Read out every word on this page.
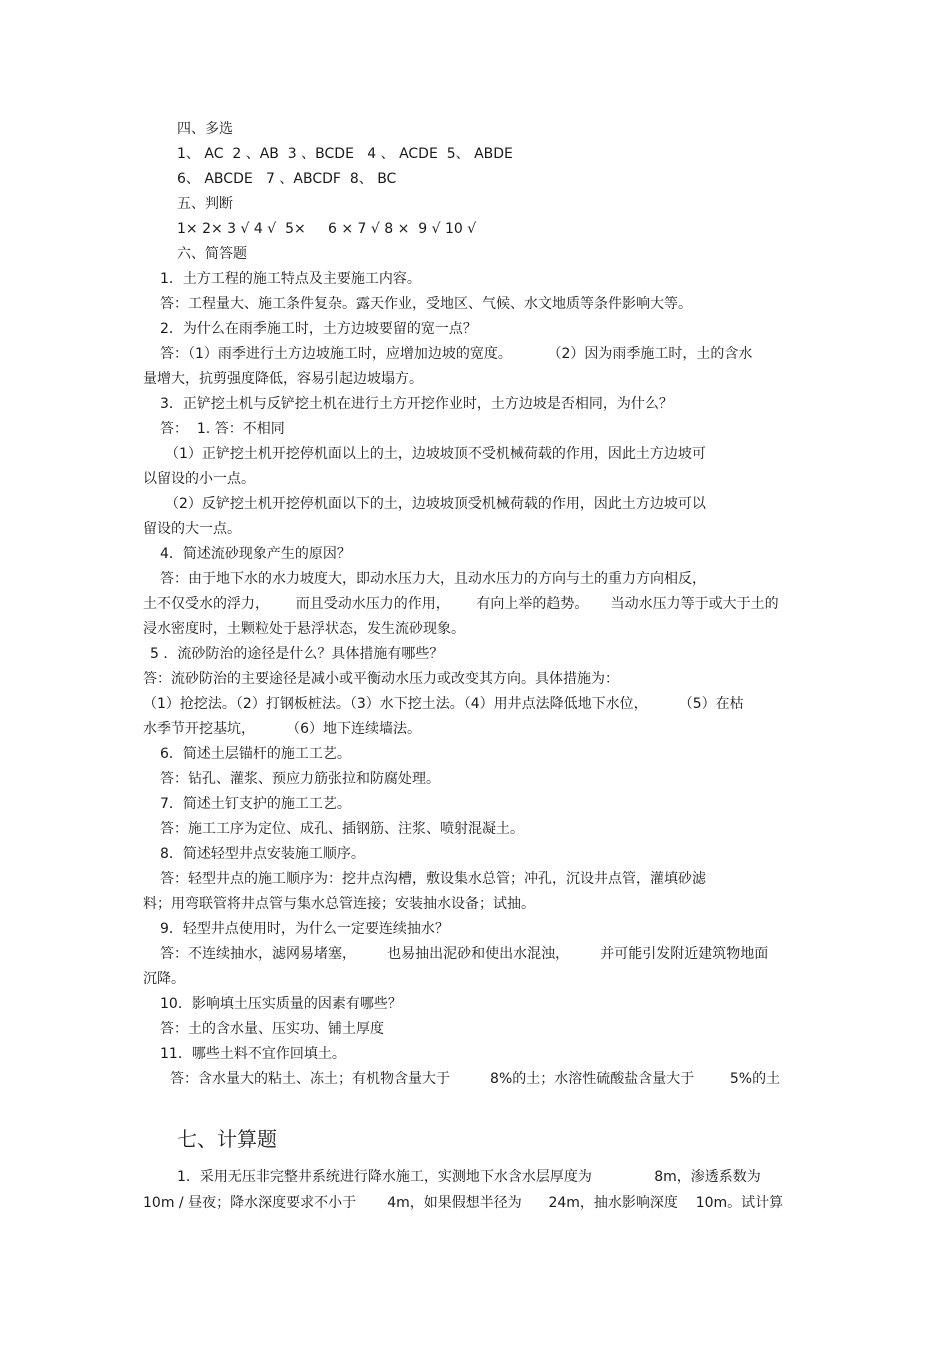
四、多选
1、 AC  2 、AB  3 、BCDE   4 、 ACDE  5、 ABDE
6、 ABCDE   7 、ABCDF  8、 BC
五、判断
1× 2× 3 √ 4 √  5×     6 × 7 √ 8 ×  9 √ 10 √
六、简答题
1．土方工程的施工特点及主要施工内容。
答：工程量大、施工条件复杂。露天作业，受地区、气候、水文地质等条件影响大等。
2．为什么在雨季施工时，土方边坡要留的宽一点？
答：（1）雨季进行土方边坡施工时，应增加边坡的宽度。        （2）因为雨季施工时，土的含水
量增大，抗剪强度降低，容易引起边坡塌方。
3．正铲挖土机与反铲挖土机在进行土方开挖作业时，土方边坡是否相同，为什么？
答：  1. 答：不相同
（1）正铲挖土机开挖停机面以上的土，边坡坡顶不受机械荷载的作用，因此土方边坡可
以留设的小一点。
（2）反铲挖土机开挖停机面以下的土，边坡坡顶受机械荷载的作用，因此土方边坡可以
留设的大一点。
4．简述流砂现象产生的原因？
答：由于地下水的水力坡度大，即动水压力大，且动水压力的方向与土的重力方向相反，
土不仅受水的浮力，      而且受动水压力的作用，      有向上举的趋势。     当动水压力等于或大于土的
浸水密度时，土颗粒处于悬浮状态，发生流砂现象。
5 ．流砂防治的途径是什么？具体措施有哪些？
答：流砂防治的主要途径是减小或平衡动水压力或改变其方向。具体措施为：
（1）抢挖法。（2）打钢板桩法。（3）水下挖土法。（4）用井点法降低地下水位，       （5）在枯
水季节开挖基坑，       （6）地下连续墙法。
6．简述土层锚杆的施工工艺。
答：钻孔、灌浆、预应力筋张拉和防腐处理。
7．简述土钉支护的施工工艺。
答：施工工序为定位、成孔、插钢筋、注浆、喷射混凝土。
8．简述轻型井点安装施工顺序。
答：轻型井点的施工顺序为：挖井点沟槽，敷设集水总管；冲孔，沉设井点管，灌填砂滤
料；用弯联管将井点管与集水总管连接；安装抽水设备；试抽。
9．轻型井点使用时，为什么一定要连续抽水？
答：不连续抽水，滤网易堵塞，       也易抽出泥砂和使出水混浊，       并可能引发附近建筑物地面
沉降。
10．影响填土压实质量的因素有哪些？
答：土的含水量、压实功、铺土厚度
11．哪些土料不宜作回填土。
答：含水量大的粘土、冻土；有机物含量大于         8%的土；水溶性硫酸盐含量大于        5%的土
七、计算题
1．采用无压非完整井系统进行降水施工，实测地下水含水层厚度为              8m，渗透系数为
10m / 昼夜；降水深度要求不小于       4m，如果假想半径为      24m，抽水影响深度    10m。试计算
